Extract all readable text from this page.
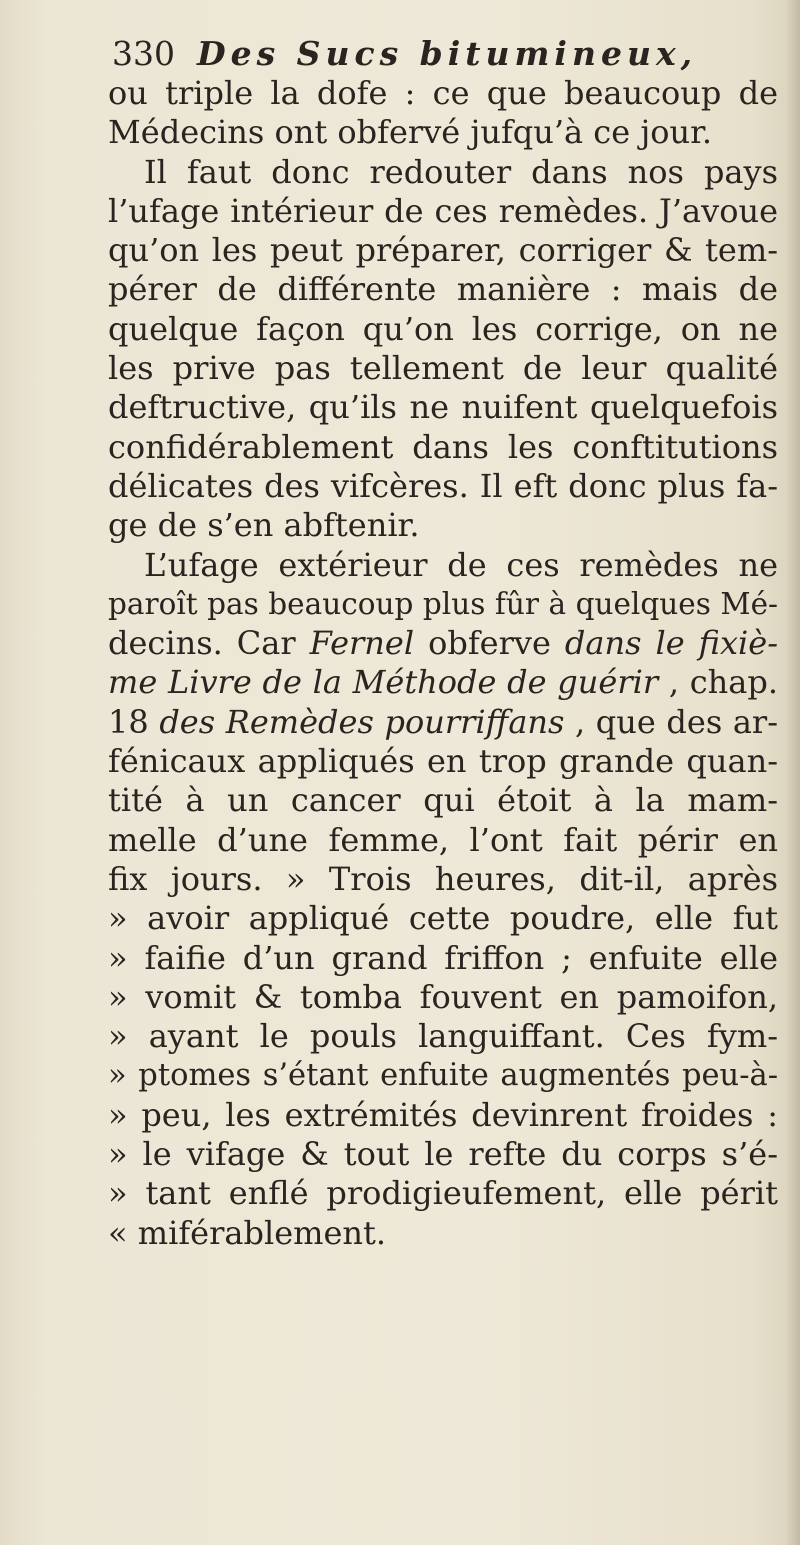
330 Des Sucs bitumineux,
ou triple la dofe : ce que beaucoup de
Médecins ont obfervé jufqu’à ce jour.
Il faut donc redouter dans nos pays
l’ufage intérieur de ces remèdes. J’avoue
qu’on les peut préparer, corriger & tem-
pérer de différente manière : mais de
quelque façon qu’on les corrige, on ne
les prive pas tellement de leur qualité
deftructive, qu’ils ne nuifent quelquefois
confidérablement dans les conftitutions
délicates des vifcères. Il eft donc plus fa-
ge de s’en abftenir.
L’ufage extérieur de ces remèdes ne
paroît pas beaucoup plus fûr à quelques Mé-
decins. Car Fernel obferve dans le fixiè-
me Livre de la Méthode de guérir , chap.
18 des Remèdes pourriffans , que des ar-
fénicaux appliqués en trop grande quan-
tité à un cancer qui étoit à la mam-
melle d’une femme, l’ont fait périr en
fix jours. » Trois heures, dit-il, après
» avoir appliqué cette poudre, elle fut
» faifie d’un grand friffon ; enfuite elle
» vomit & tomba fouvent en pamoifon,
» ayant le pouls languiffant. Ces fym-
» ptomes s’étant enfuite augmentés peu-à-
» peu, les extrémités devinrent froides :
» le vifage & tout le refte du corps s’é-
» tant enflé prodigieufement, elle périt
« miférablement.
